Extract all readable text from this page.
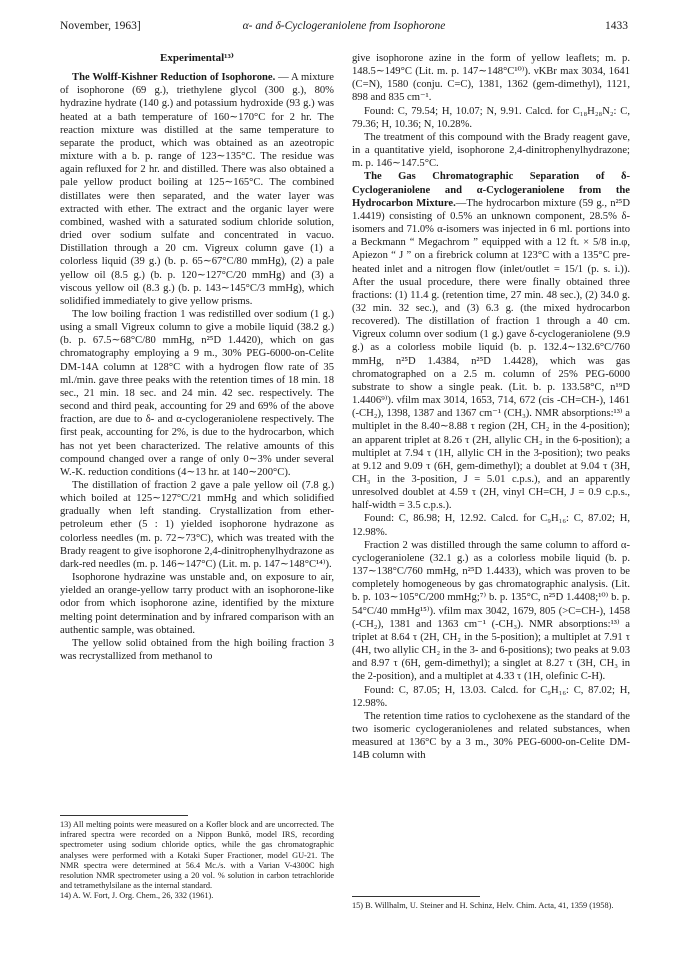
November, 1963]	α- and δ-Cyclogeraniolene from Isophorone	1433
Experimental¹³⁾

The Wolff-Kishner Reduction of Isophorone. — A mixture of isophorone (69 g.), triethylene glycol (300 g.), 80% hydrazine hydrate (140 g.) and potassium hydroxide (93 g.) was heated at a bath temperature of 160∼170°C for 2 hr. The reaction mixture was distilled at the same temperature to separate the product, which was obtained as an azeotropic mixture with a b. p. range of 123∼135°C. The residue was again refluxed for 2 hr. and distilled. There was also obtained a pale yellow product boiling at 125∼165°C. The combined distillates were then separated, and the water layer was extracted with ether. The extract and the organic layer were combined, washed with a saturated sodium chloride solution, dried over sodium sulfate and concentrated in vacuo. Distillation through a 20 cm. Vigreux column gave (1) a colorless liquid (39 g.) (b. p. 65∼67°C/80 mmHg), (2) a pale yellow oil (8.5 g.) (b. p. 120∼127°C/20 mmHg) and (3) a viscous yellow oil (8.3 g.) (b. p. 143∼145°C/3 mmHg), which solidified immediately to give yellow prisms.

The low boiling fraction 1 was redistilled over sodium (1 g.) using a small Vigreux column to give a mobile liquid (38.2 g.) (b. p. 67.5∼68°C/80 mmHg, n²⁵D 1.4420), which on gas chromatography employing a 9 m., 30% PEG-6000-on-Celite DM-14A column at 128°C with a hydrogen flow rate of 35 ml./min. gave three peaks with the retention times of 18 min. 18 sec., 21 min. 18 sec. and 24 min. 42 sec. respectively. The second and third peak, accounting for 29 and 69% of the above fraction, are due to δ- and α-cyclogeraniolene respectively. The first peak, accounting for 2%, is due to the hydrocarbon, which has not yet been characterized. The relative amounts of this compound changed over a range of only 0∼3% under several W.-K. reduction conditions (4∼13 hr. at 140∼200°C).

The distillation of fraction 2 gave a pale yellow oil (7.8 g.) which boiled at 125∼127°C/21 mmHg and which solidified gradually when left standing. Crystallization from ether-petroleum ether (5 : 1) yielded isophorone hydrazone as colorless needles (m. p. 72∼73°C), which was treated with the Brady reagent to give isophorone 2,4-dinitrophenylhydrazone as dark-red needles (m. p. 146∼147°C) (Lit. m. p. 147∼148°C¹⁴⁾).

Isophorone hydrazine was unstable and, on exposure to air, yielded an orange-yellow tarry product with an isophorone-like odor from which isophorone azine, identified by the mixture melting point determination and by infrared comparison with an authentic sample, was obtained.

The yellow solid obtained from the high boiling fraction 3 was recrystallized from methanol to

13) All melting points were measured on a Kofler block and are uncorrected. The infrared spectra were recorded on a Nippon Bunkō, model IRS, recording spectrometer using sodium chloride optics, while the gas chromatographic analyses were performed with a Kotaki Super Fractioner, model GU-21. The NMR spectra were determined at 56.4 Mc./s. with a Varian V-4300C high resolution NMR spectrometer using a 20 vol. % solution in carbon tetrachloride and tetramethylsilane as the internal standard.

14) A. W. Fort, J. Org. Chem., 26, 332 (1961).

give isophorone azine in the form of yellow leaflets; m. p. 148.5∼149°C (Lit. m. p. 147∼148°C¹⁰⁾). νKBr max 3034, 1641 (C=N), 1580 (conju. C=C), 1381, 1362 (gem-dimethyl), 1121, 898 and 835 cm⁻¹.

Found: C, 79.54; H, 10.07; N, 9.91. Calcd. for C₁₈H₂₈N₂: C, 79.36; H, 10.36; N, 10.28%.

The treatment of this compound with the Brady reagent gave, in a quantitative yield, isophorone 2,4-dinitrophenylhydrazone; m. p. 146∼147.5°C.

The Gas Chromatographic Separation of δ-Cyclogeraniolene and α-Cyclogeraniolene from the Hydrocarbon Mixture.—The hydrocarbon mixture (59 g., n²⁵D 1.4419) consisting of 0.5% an unknown component, 28.5% δ-isomers and 71.0% α-isomers was injected in 6 ml. portions into a Beckmann “ Megachrom ” equipped with a 12 ft. × 5/8 in.φ, Apiezon “ J ” on a firebrick column at 123°C with a 135°C pre-heated inlet and a nitrogen flow (inlet/outlet = 15/1 (p. s. i.)). After the usual procedure, there were finally obtained three fractions: (1) 11.4 g. (retention time, 27 min. 48 sec.), (2) 34.0 g. (32 min. 32 sec.), and (3) 6.3 g. (the mixed hydrocarbon recovered). The distillation of fraction 1 through a 40 cm. Vigreux column over sodium (1 g.) gave δ-cyclogeraniolene (9.9 g.) as a colorless mobile liquid (b. p. 132.4∼132.6°C/760 mmHg, n²⁵D 1.4384, n²⁵D 1.4428), which was gas chromatographed on a 2.5 m. column of 25% PEG-6000 substrate to show a single peak. (Lit. b. p. 133.58°C, n¹⁹D 1.4406⁹⁾). νfilm max 3014, 1653, 714, 672 (cis -CH=CH-), 1461 (-CH₂), 1398, 1387 and 1367 cm⁻¹ (CH₃). NMR absorptions:¹³⁾ a multiplet in the 8.40∼8.88 τ region (2H, CH₂ in the 4-position); an apparent triplet at 8.26 τ (2H, allylic CH₂ in the 6-position); a multiplet at 7.94 τ (1H, allylic CH in the 3-position); two peaks at 9.12 and 9.09 τ (6H, gem-dimethyl); a doublet at 9.04 τ (3H, CH₃ in the 3-position, J = 5.01 c.p.s.), and an apparently unresolved doublet at 4.59 τ (2H, vinyl CH=CH, J = 0.9 c.p.s., half-width = 3.5 c.p.s.).

Found: C, 86.98; H, 12.92. Calcd. for C₉H₁₆: C, 87.02; H, 12.98%.

Fraction 2 was distilled through the same column to afford α-cyclogeraniolene (32.1 g.) as a colorless mobile liquid (b. p. 137∼138°C/760 mmHg, n²⁵D 1.4433), which was proven to be completely homogeneous by gas chromatographic analysis. (Lit. b. p. 103∼105°C/200 mmHg;⁷⁾ b. p. 135°C, n²⁵D 1.4408;¹⁰⁾ b. p. 54°C/40 mmHg¹⁵⁾). νfilm max 3042, 1679, 805 (>C=CH-), 1458 (-CH₂), 1381 and 1363 cm⁻¹ (-CH₃). NMR absorptions:¹³⁾ a triplet at 8.64 τ (2H, CH₂ in the 5-position); a multiplet at 7.91 τ (4H, two allylic CH₂ in the 3- and 6-positions); two peaks at 9.03 and 8.97 τ (6H, gem-dimethyl); a singlet at 8.27 τ (3H, CH₃ in the 2-position), and a multiplet at 4.33 τ (1H, olefinic C-H).

Found: C, 87.05; H, 13.03. Calcd. for C₉H₁₆: C, 87.02; H, 12.98%.

The retention time ratios to cyclohexene as the standard of the two isomeric cyclogeraniolenes and related substances, when measured at 136°C by a 3 m., 30% PEG-6000-on-Celite DM-14B column with

15) B. Willhalm, U. Steiner and H. Schinz, Helv. Chim. Acta, 41, 1359 (1958).
